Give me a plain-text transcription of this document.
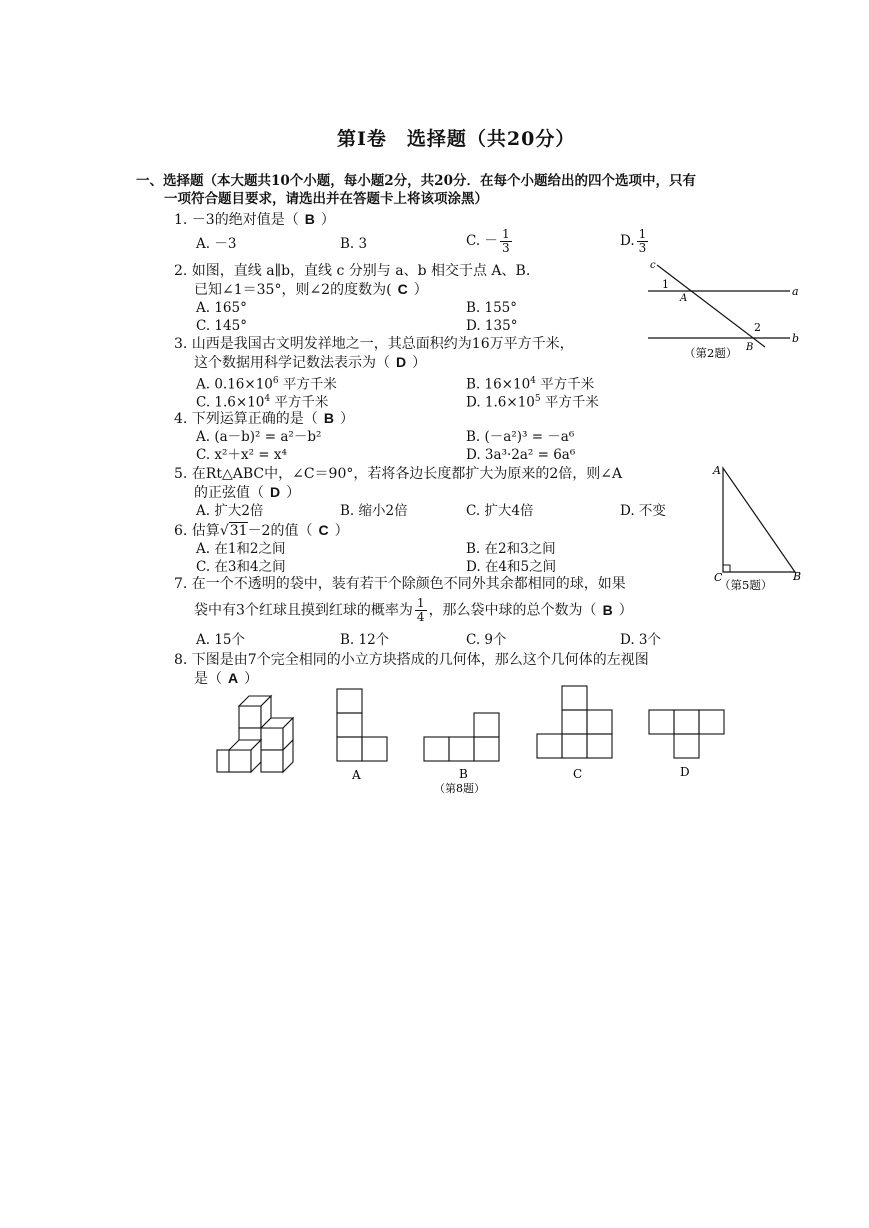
第Ⅰ卷　选择题（共20分）
一、选择题（本大题共10个小题，每小题2分，共20分．在每个小题给出的四个选项中，只有
一项符合题目要求，请选出并在答题卡上将该项涂黑）
1. －3的绝对值是（ B ）
A. －3	B. 3	C. － $\frac{1}{3}$	D. $\frac{1}{3}$
2. 如图，直线 a∥b，直线 c 分别与 a、b 相交于点 A、B.
已知∠1＝35°，则∠2的度数为( C ）
A. 165°	B. 155°
C. 145°	D. 135°
c
a
b
1
A
2
B
（第2题）
3. 山西是我国古文明发祥地之一，其总面积约为16万平方千米，
这个数据用科学记数法表示为（ D ）
A. $0.16\times 10^6$ 平方千米	B. $16\times 10^4$ 平方千米
C. $1.6\times 10^4$ 平方千米	D. $1.6\times 10^5$ 平方千米
4. 下列运算正确的是（ B ）
A. (a－b)² = a²－b²	B. (－a²)³ = －a⁶
C. x²＋x² = x⁴	D. 3a³·2a² = 6a⁶
5. 在Rt△ABC中，∠C＝90°，若将各边长度都扩大为原来的2倍，则∠A
的正弦值（ D ）
A. 扩大2倍	B. 缩小2倍	C. 扩大4倍	D. 不变
A
B
C
（第5题）
6. 估算√31－2的值（ C ）
A. 在1和2之间	B. 在2和3之间
C. 在3和4之间	D. 在4和5之间
7. 在一个不透明的袋中，装有若干个除颜色不同外其余都相同的球，如果
袋中有3个红球且摸到红球的概率为 $\frac{1}{4}$ ，那么袋中球的总个数为（ B ）
A. 15个	B. 12个	C. 9个	D. 3个
8. 下图是由7个完全相同的小立方块搭成的几何体，那么这个几何体的左视图
是（ A ）
A	B
（第8题）
C	D
